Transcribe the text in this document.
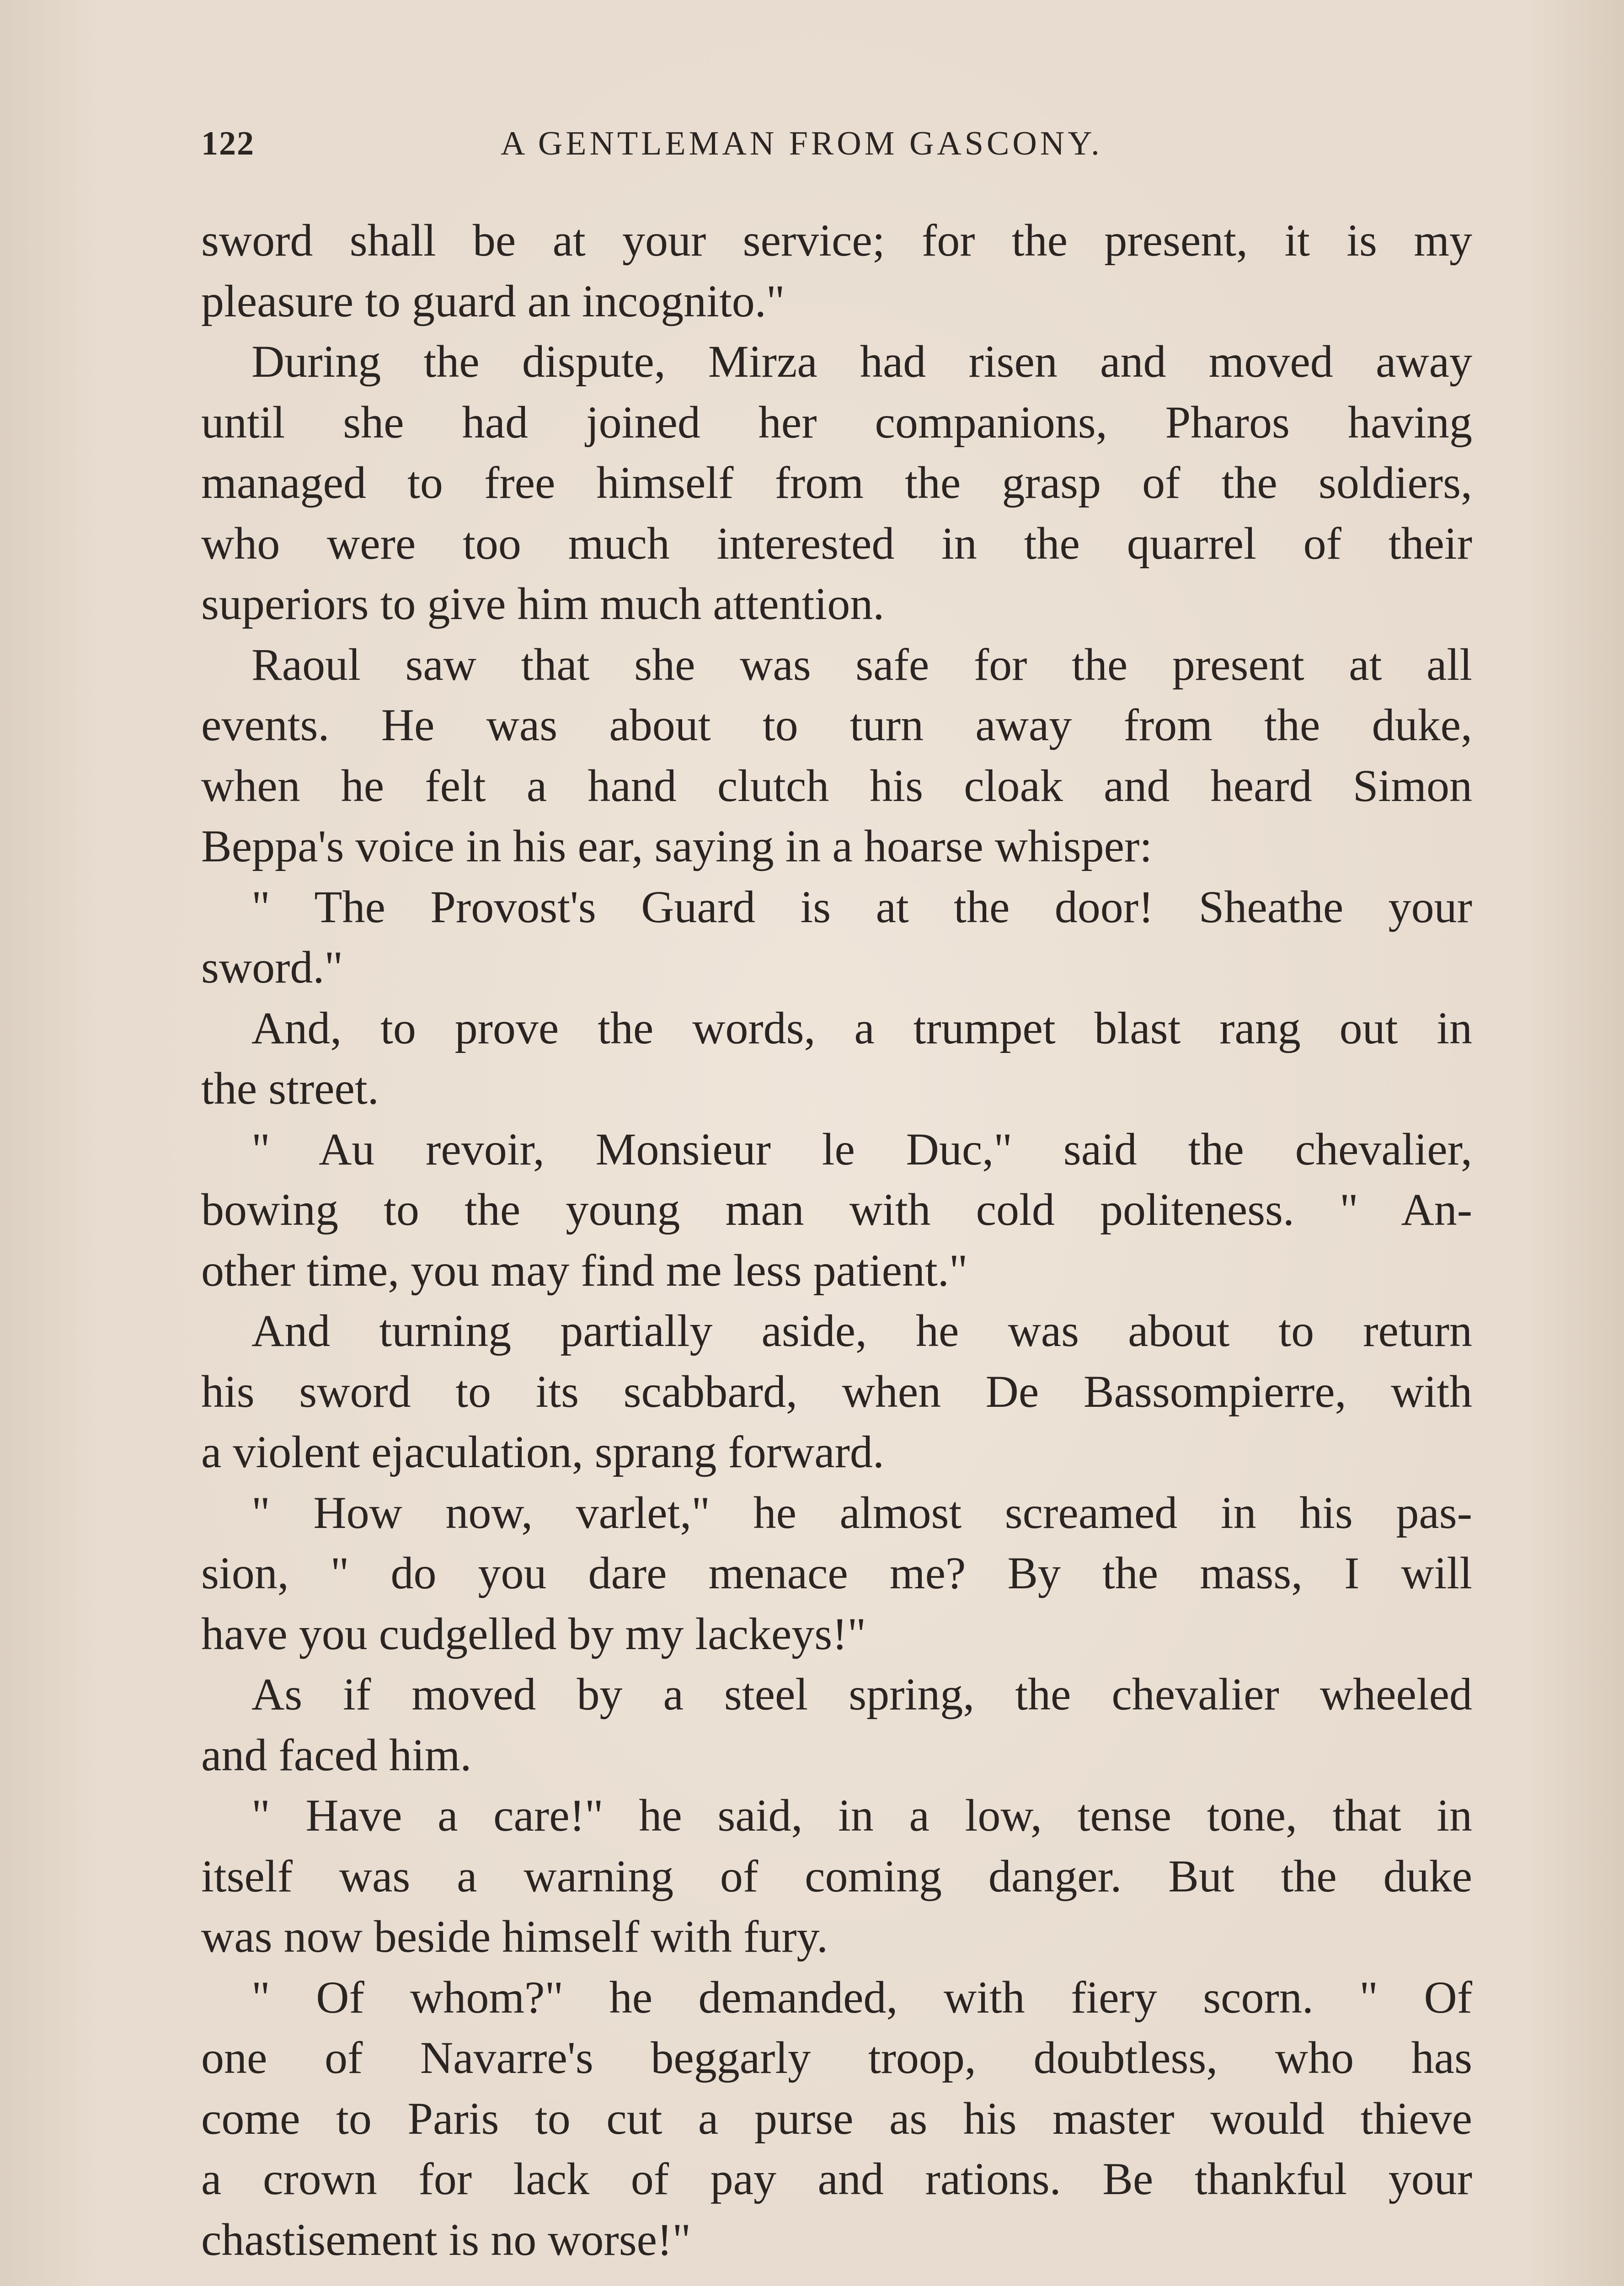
122	A GENTLEMAN FROM GASCONY.
sword shall be at your service; for the present, it is my
pleasure to guard an incognito."
During the dispute, Mirza had risen and moved away
until she had joined her companions, Pharos having
managed to free himself from the grasp of the soldiers,
who were too much interested in the quarrel of their
superiors to give him much attention.
Raoul saw that she was safe for the present at all
events. He was about to turn away from the duke,
when he felt a hand clutch his cloak and heard Simon
Beppa's voice in his ear, saying in a hoarse whisper:
" The Provost's Guard is at the door! Sheathe your
sword."
And, to prove the words, a trumpet blast rang out in
the street.
" Au revoir, Monsieur le Duc," said the chevalier,
bowing to the young man with cold politeness. " An-
other time, you may find me less patient."
And turning partially aside, he was about to return
his sword to its scabbard, when De Bassompierre, with
a violent ejaculation, sprang forward.
" How now, varlet," he almost screamed in his pas-
sion, " do you dare menace me? By the mass, I will
have you cudgelled by my lackeys!"
As if moved by a steel spring, the chevalier wheeled
and faced him.
" Have a care!" he said, in a low, tense tone, that in
itself was a warning of coming danger. But the duke
was now beside himself with fury.
" Of whom?" he demanded, with fiery scorn. " Of
one of Navarre's beggarly troop, doubtless, who has
come to Paris to cut a purse as his master would thieve
a crown for lack of pay and rations. Be thankful your
chastisement is no worse!"
